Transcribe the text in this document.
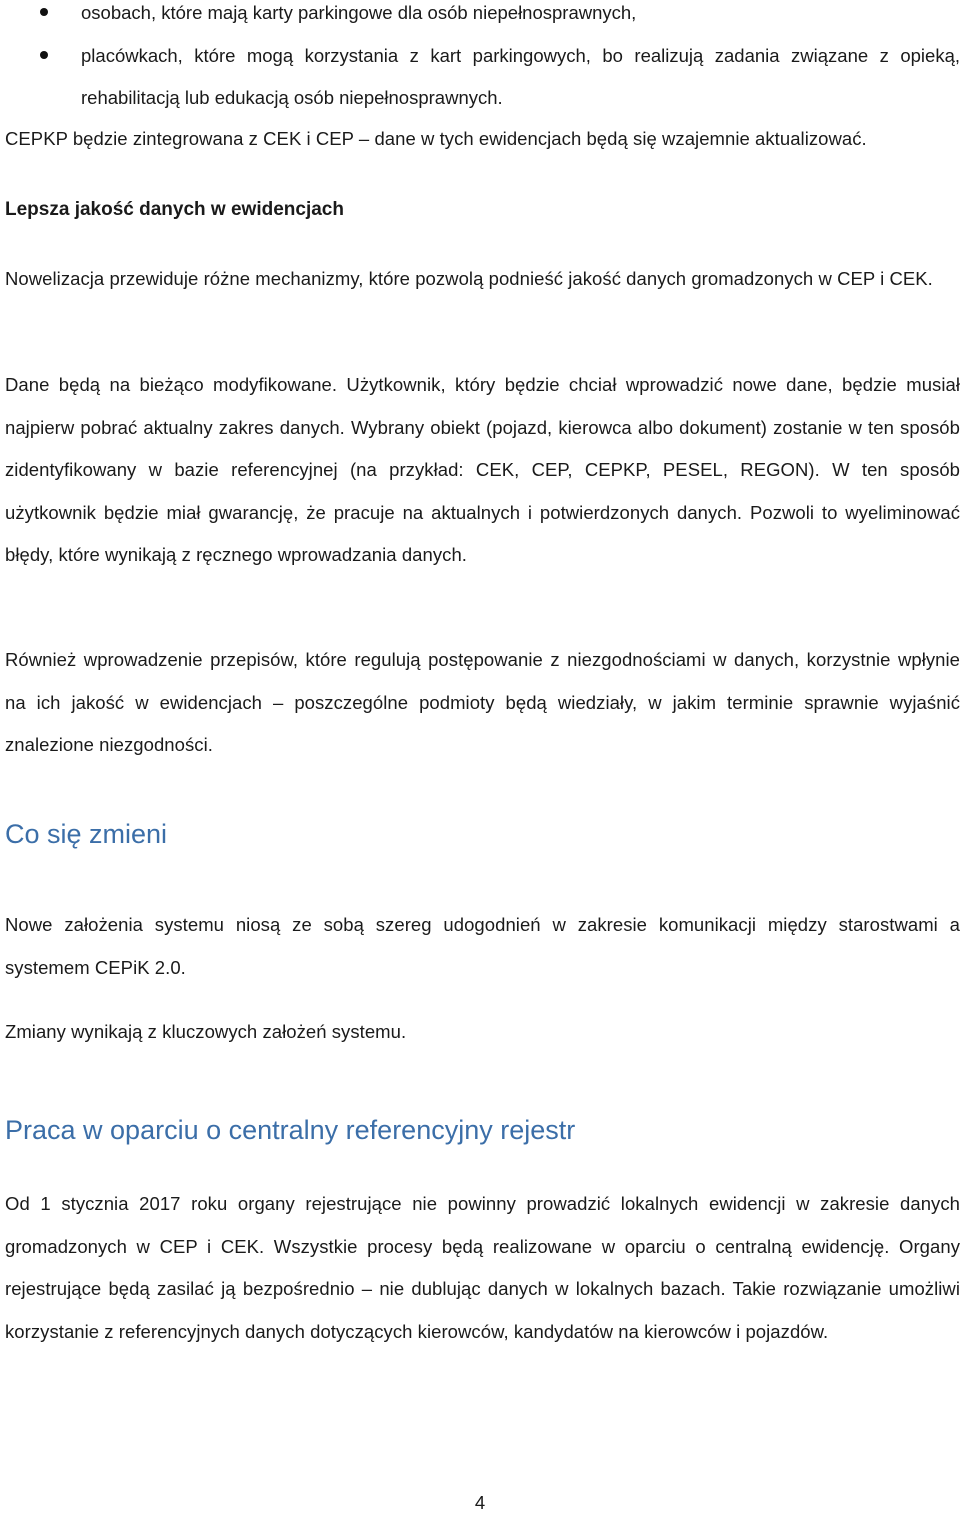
osobach, które mają karty parkingowe dla osób niepełnosprawnych,
placówkach, które mogą korzystania z kart parkingowych, bo realizują zadania związane z opieką, rehabilitacją lub edukacją osób niepełnosprawnych.

CEPKP będzie zintegrowana z CEK i CEP – dane w tych ewidencjach będą się wzajemnie aktualizować.

Lepsza jakość danych w ewidencjach

Nowelizacja przewiduje różne mechanizmy, które pozwolą podnieść jakość danych gromadzonych w CEP i CEK.

Dane będą na bieżąco modyfikowane. Użytkownik, który będzie chciał wprowadzić nowe dane, będzie musiał najpierw pobrać aktualny zakres danych. Wybrany obiekt (pojazd, kierowca albo dokument) zostanie w ten sposób zidentyfikowany w bazie referencyjnej (na przykład: CEK, CEP, CEPKP, PESEL, REGON). W ten sposób użytkownik będzie miał gwarancję, że pracuje na aktualnych i potwierdzonych danych. Pozwoli to wyeliminować błędy, które wynikają z ręcznego wprowadzania danych.

Również wprowadzenie przepisów, które regulują postępowanie z niezgodnościami w danych, korzystnie wpłynie na ich jakość w ewidencjach – poszczególne podmioty będą wiedziały, w jakim terminie sprawnie wyjaśnić znalezione niezgodności.

Co się zmieni

Nowe założenia systemu niosą ze sobą szereg udogodnień w zakresie komunikacji między starostwami a systemem CEPiK 2.0.

Zmiany wynikają z kluczowych założeń systemu.

Praca w oparciu o centralny referencyjny rejestr

Od 1 stycznia 2017 roku organy rejestrujące nie powinny prowadzić lokalnych ewidencji w zakresie danych gromadzonych w CEP i CEK. Wszystkie procesy będą realizowane w oparciu o centralną ewidencję. Organy rejestrujące będą zasilać ją bezpośrednio – nie dublując danych w lokalnych bazach. Takie rozwiązanie umożliwi korzystanie z referencyjnych danych dotyczących kierowców, kandydatów na kierowców i pojazdów.

4
